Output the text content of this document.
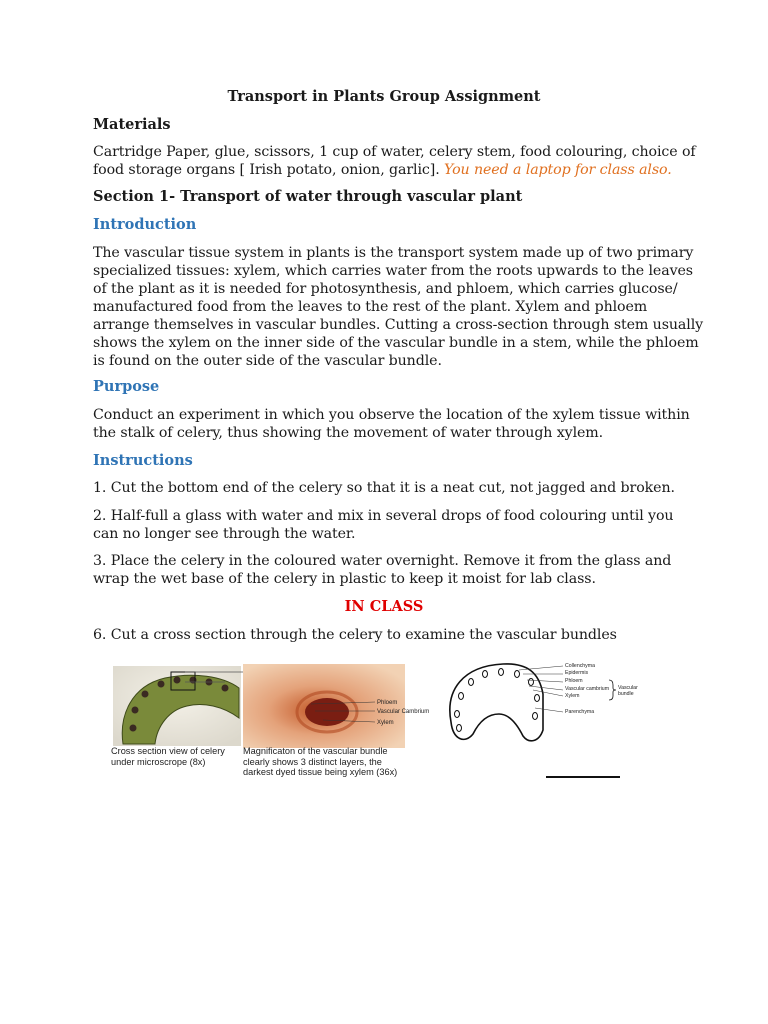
Transport in Plants Group Assignment
Materials
Cartridge Paper, glue, scissors, 1 cup of water, celery stem, food colouring, choice of
food storage organs [ Irish potato, onion, garlic]. You need a laptop for class also.
Section 1- Transport of water through vascular plant
Introduction
The vascular tissue system in plants is the transport system made up of two primary
specialized tissues: xylem, which carries water from the roots upwards to the leaves
of the plant as it is needed for photosynthesis, and phloem, which carries glucose/
manufactured food from the leaves to the rest of the plant. Xylem and phloem
arrange themselves in vascular bundles. Cutting a cross-section through stem usually
shows the xylem on the inner side of the vascular bundle in a stem, while the phloem
is found on the outer side of the vascular bundle.
Purpose
Conduct an experiment in which you observe the location of the xylem tissue within
the stalk of celery, thus showing the movement of water through xylem.
Instructions
1. Cut the bottom end of the celery so that it is a neat cut, not jagged and broken.
2. Half-full a glass with water and mix in several drops of food colouring until you
can no longer see through the water.
3. Place the celery in the coloured water overnight. Remove it from the glass and
wrap the wet base of the celery in plastic to keep it moist for lab class.
IN CLASS
6. Cut a cross section through the celery to examine the vascular bundles
Cross section view of celery
under microscrope (8x)
Phloem
Vascular Cambrium
Xylem
Magnificaton of the vascular bundle
clearly shows 3 distinct layers, the
darkest dyed tissue being xylem (36x)
Collenchyma
Epidermis
Phloem
Vascular cambrium
Xylem
Parenchyma
Vascular
bundle
